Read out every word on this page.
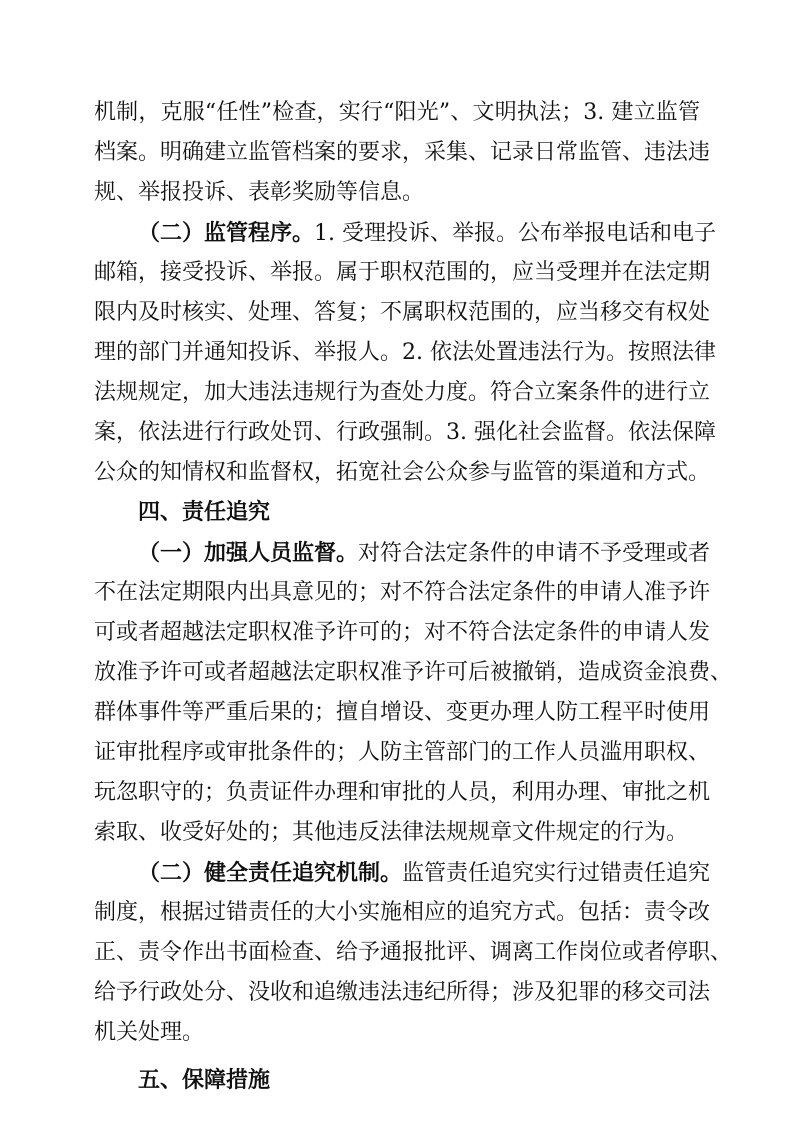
机制，克服“任性”检查，实行“阳光”、文明执法；3. 建立监管
档案。明确建立监管档案的要求，采集、记录日常监管、违法违
规、举报投诉、表彰奖励等信息。

（二）监管程序。1. 受理投诉、举报。公布举报电话和电子
邮箱，接受投诉、举报。属于职权范围的，应当受理并在法定期
限内及时核实、处理、答复；不属职权范围的，应当移交有权处
理的部门并通知投诉、举报人。2. 依法处置违法行为。按照法律
法规规定，加大违法违规行为查处力度。符合立案条件的进行立
案，依法进行行政处罚、行政强制。3. 强化社会监督。依法保障
公众的知情权和监督权，拓宽社会公众参与监管的渠道和方式。

四、责任追究

（一）加强人员监督。对符合法定条件的申请不予受理或者
不在法定期限内出具意见的；对不符合法定条件的申请人准予许
可或者超越法定职权准予许可的；对不符合法定条件的申请人发
放准予许可或者超越法定职权准予许可后被撤销，造成资金浪费、
群体事件等严重后果的；擅自增设、变更办理人防工程平时使用
证审批程序或审批条件的；人防主管部门的工作人员滥用职权、
玩忽职守的；负责证件办理和审批的人员，利用办理、审批之机
索取、收受好处的；其他违反法律法规规章文件规定的行为。

（二）健全责任追究机制。监管责任追究实行过错责任追究
制度，根据过错责任的大小实施相应的追究方式。包括：责令改
正、责令作出书面检查、给予通报批评、调离工作岗位或者停职、
给予行政处分、没收和追缴违法违纪所得；涉及犯罪的移交司法
机关处理。

五、保障措施
